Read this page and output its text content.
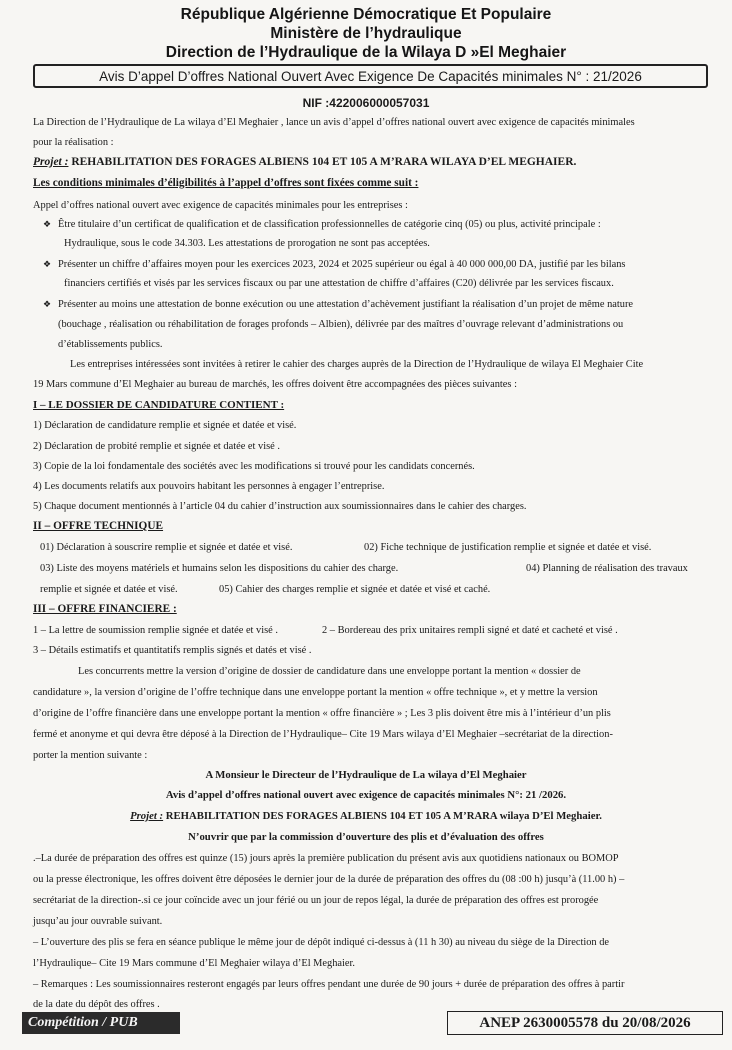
République Algérienne Démocratique Et Populaire
Ministère de l’hydraulique
Direction de l’Hydraulique de la Wilaya D »El Meghaier
Avis D’appel D’offres National Ouvert Avec Exigence De Capacités minimales N° : 21/2026
NIF :422006000057031
La Direction de l’Hydraulique de La wilaya d’El Meghaier , lance un avis d’appel d’offres national ouvert avec exigence de capacités minimales
pour la réalisation :
Projet : REHABILITATION DES FORAGES ALBIENS 104 ET 105 A M’RARA WILAYA D’EL MEGHAIER.
Les conditions minimales d’éligibilités à l’appel d’offres sont fixées comme suit :
Appel d’offres national ouvert avec exigence de capacités minimales pour les entreprises :
❖ Être titulaire d’un certificat de qualification et de classification professionnelles de catégorie cinq (05) ou plus, activité principale :
Hydraulique, sous le code 34.303. Les attestations de prorogation ne sont pas acceptées.
❖ Présenter un chiffre d’affaires moyen pour les exercices 2023, 2024 et 2025 supérieur ou égal à 40 000 000,00 DA, justifié par les bilans
financiers certifiés et visés par les services fiscaux ou par une attestation de chiffre d’affaires (C20) délivrée par les services fiscaux.
❖ Présenter au moins une attestation de bonne exécution ou une attestation d’achèvement justifiant la réalisation d’un projet de même nature
(bouchage , réalisation ou réhabilitation de forages profonds – Albien), délivrée par des maîtres d’ouvrage relevant d’administrations ou
d’établissements publics.
Les entreprises intéressées sont invitées à retirer le cahier des charges auprès de la Direction de l’Hydraulique de wilaya El Meghaier Cite
19 Mars commune d’El Meghaier au bureau de marchés, les offres doivent être accompagnées des pièces suivantes :
I – LE DOSSIER DE CANDIDATURE CONTIENT :
1) Déclaration de candidature remplie et signée et datée et visé.
2) Déclaration de probité remplie et signée et datée et visé .
3) Copie de la loi fondamentale des sociétés avec les modifications si trouvé pour les candidats concernés.
4) Les documents relatifs aux pouvoirs habitant les personnes à engager l’entreprise.
5) Chaque document mentionnés à l’article 04 du cahier d’instruction aux soumissionnaires dans le cahier des charges.
II – OFFRE TECHNIQUE
01) Déclaration à souscrire remplie et signée et datée et visé.	02) Fiche technique de justification remplie et signée et datée et visé.
03) Liste des moyens matériels et humains selon les dispositions du cahier des charge.	04) Planning de réalisation des travaux
remplie et signée et datée et visé.	05) Cahier des charges remplie et signée et datée et visé et caché.
III – OFFRE FINANCIERE :
1 – La lettre de soumission remplie signée et datée et visé .	2 – Bordereau des prix unitaires rempli signé et daté et cacheté et visé .
3 – Détails estimatifs et quantitatifs remplis signés et datés et visé .
Les concurrents mettre la version d’origine de dossier de candidature dans une enveloppe portant la mention « dossier de
candidature », la version d’origine de l’offre technique dans une enveloppe portant la mention « offre technique », et y mettre la version
d’origine de l’offre financière dans une enveloppe portant la mention « offre financière » ; Les 3 plis doivent être mis à l’intérieur d’un plis
fermé et anonyme et qui devra être déposé à la Direction de l’Hydraulique– Cite 19 Mars wilaya d’El Meghaier –secrétariat de la direction-
porter la mention suivante :
A Monsieur le Directeur de l’Hydraulique de La wilaya d’El Meghaier
Avis d’appel d’offres national ouvert avec exigence de capacités minimales N°: 21 /2026.
Projet : REHABILITATION DES FORAGES ALBIENS 104 ET 105 A M’RARA wilaya D’El Meghaier.
N’ouvrir que par la commission d’ouverture des plis et d’évaluation des offres
.–La durée de préparation des offres est quinze (15) jours après la première publication du présent avis aux quotidiens nationaux ou BOMOP
ou la presse électronique, les offres doivent être déposées le dernier jour de la durée de préparation des offres du (08 :00 h) jusqu’à (11.00 h) –
secrétariat de la direction-.si ce jour coïncide avec un jour férié ou un jour de repos légal, la durée de préparation des offres est prorogée
jusqu’au jour ouvrable suivant.
– L’ouverture des plis se fera en séance publique le même jour de dépôt indiqué ci-dessus à (11 h 30) au niveau du siège de la Direction de
l’Hydraulique– Cite 19 Mars commune d’El Meghaier wilaya d’El Meghaier.
– Remarques : Les soumissionnaires resteront engagés par leurs offres pendant une durée de 90 jours + durée de préparation des offres à partir
de la date du dépôt des offres .
Compétition / PUB	ANEP 2630005578 du 20/08/2026
